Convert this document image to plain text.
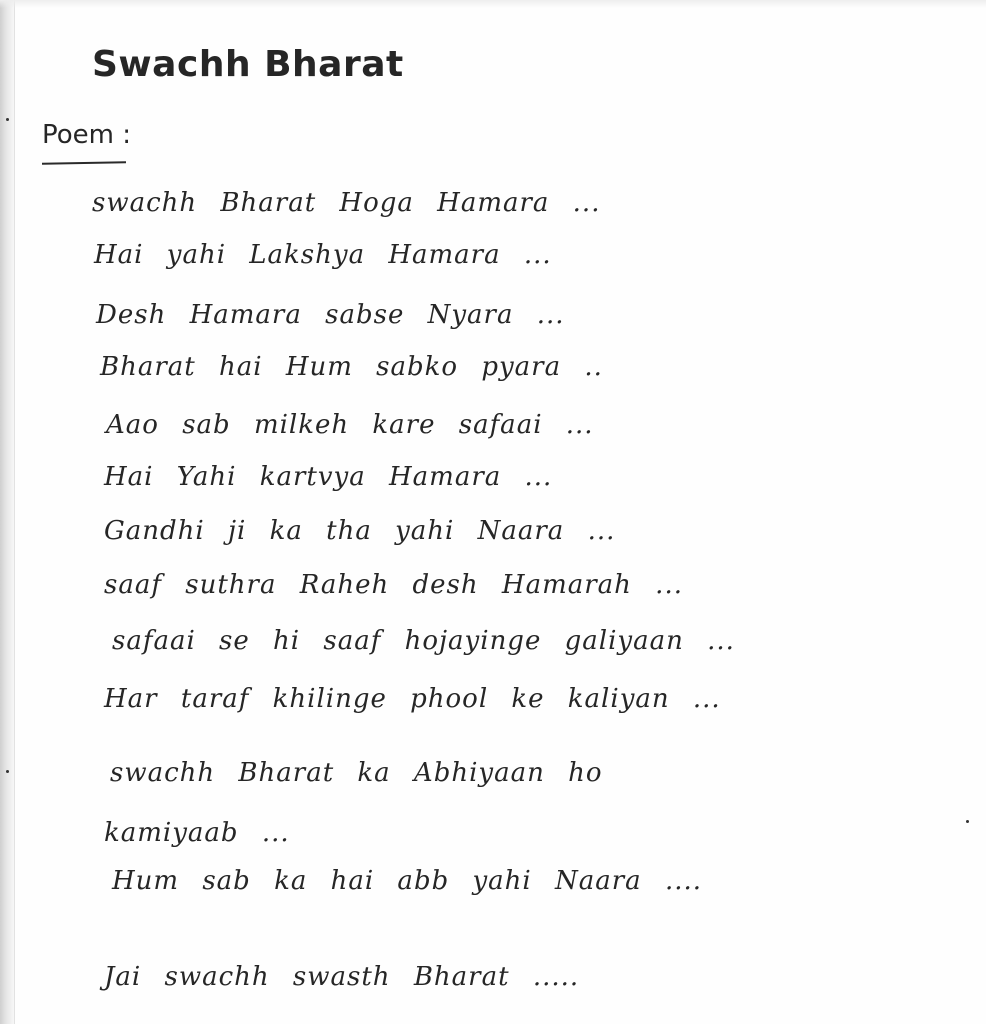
Swachh Bharat
Poem :
swachh Bharat Hoga Hamara ...
Hai yahi Lakshya Hamara ...
Desh Hamara sabse Nyara ...
Bharat hai Hum sabko pyara ..
Aao sab milkeh kare safaai ...
Hai Yahi kartvya Hamara ...
Gandhi ji ka tha yahi Naara ...
saaf suthra Raheh desh Hamarah ...
safaai se hi saaf hojayinge galiyaan ...
Har taraf khilinge phool ke kaliyan ...
swachh Bharat ka Abhiyaan ho
kamiyaab ...
Hum sab ka hai abb yahi Naara ....
Jai swachh swasth Bharat .....
